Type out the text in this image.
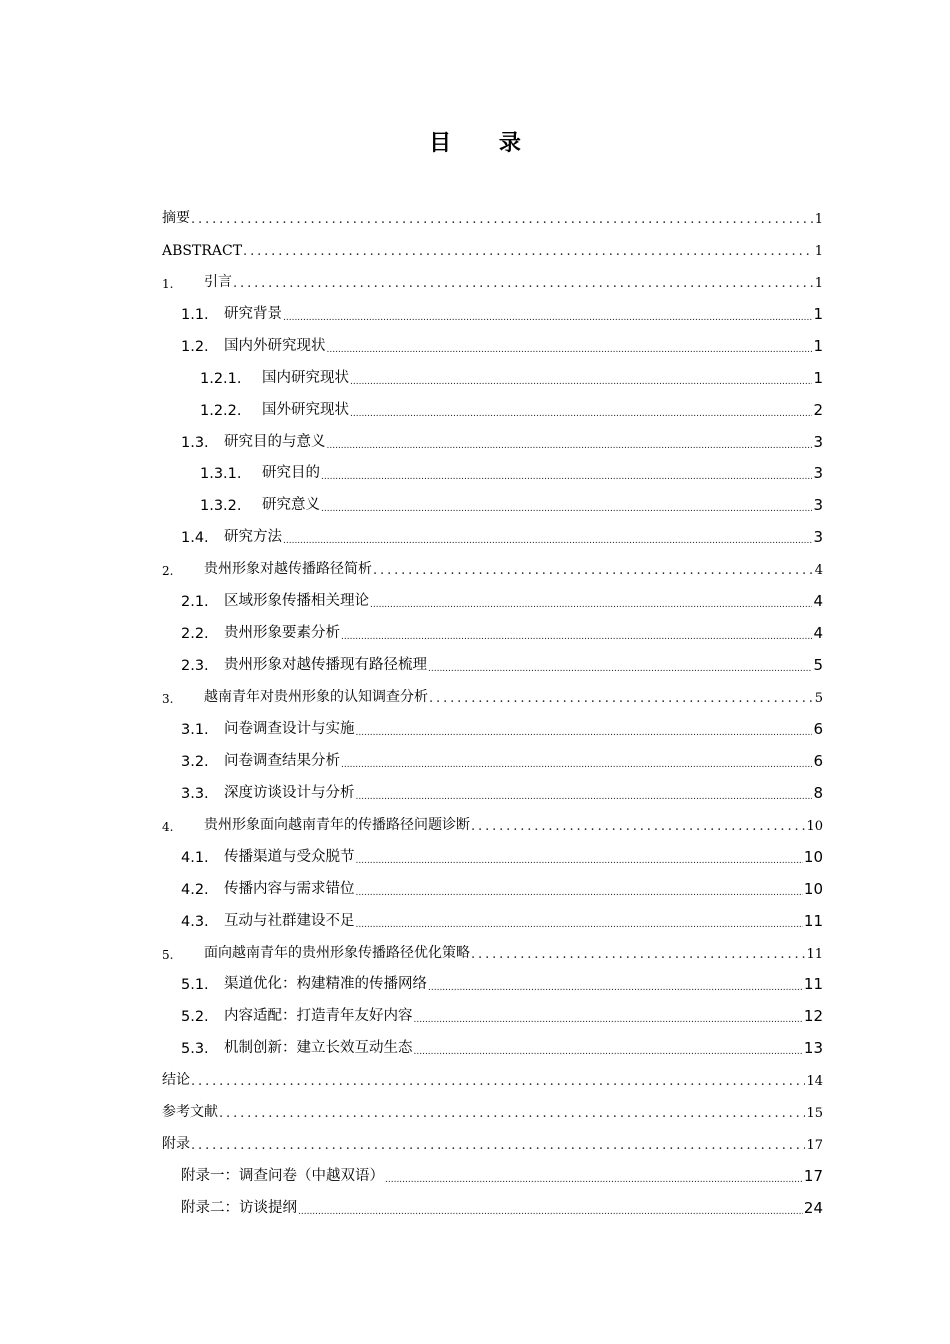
目 录
摘要 .....	1
ABSTRACT .....	1
1.	引言 .....	1
1.1.	研究背景 .....	1
1.2.	国内外研究现状 .....	1
1.2.1.	国内研究现状 .....	1
1.2.2.	国外研究现状 .....	2
1.3.	研究目的与意义 .....	3
1.3.1.	研究目的 .....	3
1.3.2.	研究意义 .....	3
1.4.	研究方法 .....	3
2.	贵州形象对越传播路径简析 .....	4
2.1.	区域形象传播相关理论 .....	4
2.2.	贵州形象要素分析 .....	4
2.3.	贵州形象对越传播现有路径梳理 .....	5
3.	越南青年对贵州形象的认知调查分析 .....	5
3.1.	问卷调查设计与实施 .....	6
3.2.	问卷调查结果分析 .....	6
3.3.	深度访谈设计与分析 .....	8
4.	贵州形象面向越南青年的传播路径问题诊断 .....	10
4.1.	传播渠道与受众脱节 .....	10
4.2.	传播内容与需求错位 .....	10
4.3.	互动与社群建设不足 .....	11
5.	面向越南青年的贵州形象传播路径优化策略 .....	11
5.1.	渠道优化：构建精准的传播网络 .....	11
5.2.	内容适配：打造青年友好内容 .....	12
5.3.	机制创新：建立长效互动生态 .....	13
结论 .....	14
参考文献 .....	15
附录 .....	17
附录一：调查问卷（中越双语） .....	17
附录二：访谈提纲 .....	24
